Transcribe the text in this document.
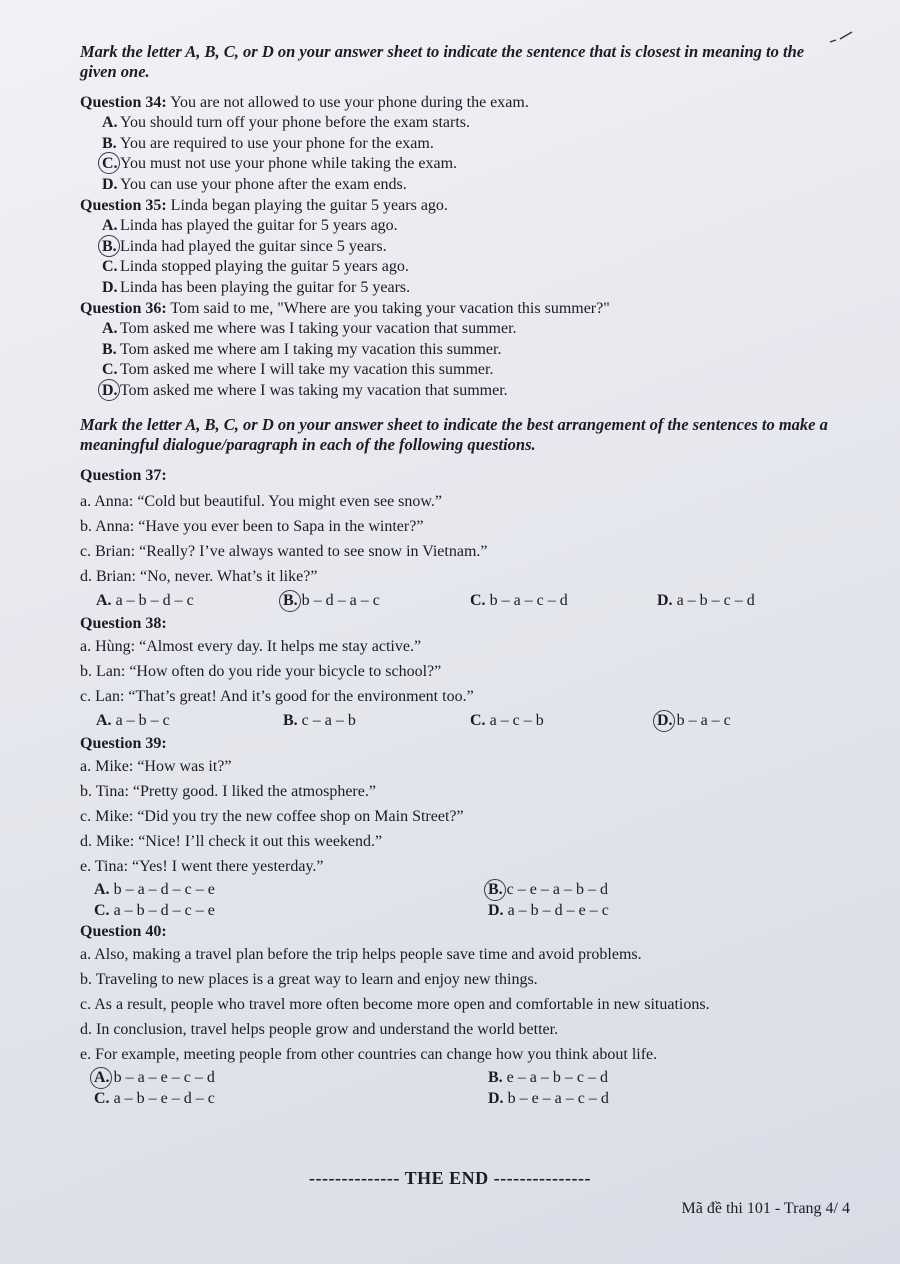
Mark the letter A, B, C, or D on your answer sheet to indicate the sentence that is closest in meaning to the given one.

Question 34: You are not allowed to use your phone during the exam.

A. You should turn off your phone before the exam starts.

B. You are required to use your phone for the exam.

C. You must not use your phone while taking the exam.

D. You can use your phone after the exam ends.

Question 35: Linda began playing the guitar 5 years ago.

A. Linda has played the guitar for 5 years ago.

B. Linda had played the guitar since 5 years.

C. Linda stopped playing the guitar 5 years ago.

D. Linda has been playing the guitar for 5 years.

Question 36: Tom said to me, "Where are you taking your vacation this summer?"

A. Tom asked me where was I taking your vacation that summer.

B. Tom asked me where am I taking my vacation this summer.

C. Tom asked me where I will take my vacation this summer.

D. Tom asked me where I was taking my vacation that summer.

Mark the letter A, B, C, or D on your answer sheet to indicate the best arrangement of the sentences to make a meaningful dialogue/paragraph in each of the following questions.

Question 37:

a. Anna: “Cold but beautiful. You might even see snow.”

b. Anna: “Have you ever been to Sapa in the winter?”

c. Brian: “Really? I’ve always wanted to see snow in Vietnam.”

d. Brian: “No, never. What’s it like?”

A. a – b – d – c	B. b – d – a – c	C. b – a – c – d	D. a – b – c – d

Question 38:

a. Hùng: “Almost every day. It helps me stay active.”

b. Lan: “How often do you ride your bicycle to school?”

c. Lan: “That’s great! And it’s good for the environment too.”

A. a – b – c	B. c – a – b	C. a – c – b	D. b – a – c

Question 39:

a. Mike: “How was it?”

b. Tina: “Pretty good. I liked the atmosphere.”

c. Mike: “Did you try the new coffee shop on Main Street?”

d. Mike: “Nice! I’ll check it out this weekend.”

e. Tina: “Yes! I went there yesterday.”

A. b – a – d – c – e	B. c – e – a – b – d
C. a – b – d – c – e	D. a – b – d – e – c

Question 40:

a. Also, making a travel plan before the trip helps people save time and avoid problems.

b. Traveling to new places is a great way to learn and enjoy new things.

c. As a result, people who travel more often become more open and comfortable in new situations.

d. In conclusion, travel helps people grow and understand the world better.

e. For example, meeting people from other countries can change how you think about life.

A. b – a – e – c – d	B. e – a – b – c – d
C. a – b – e – d – c	D. b – e – a – c – d
-------------- THE END ---------------
Mã đề thi 101 - Trang 4/ 4
